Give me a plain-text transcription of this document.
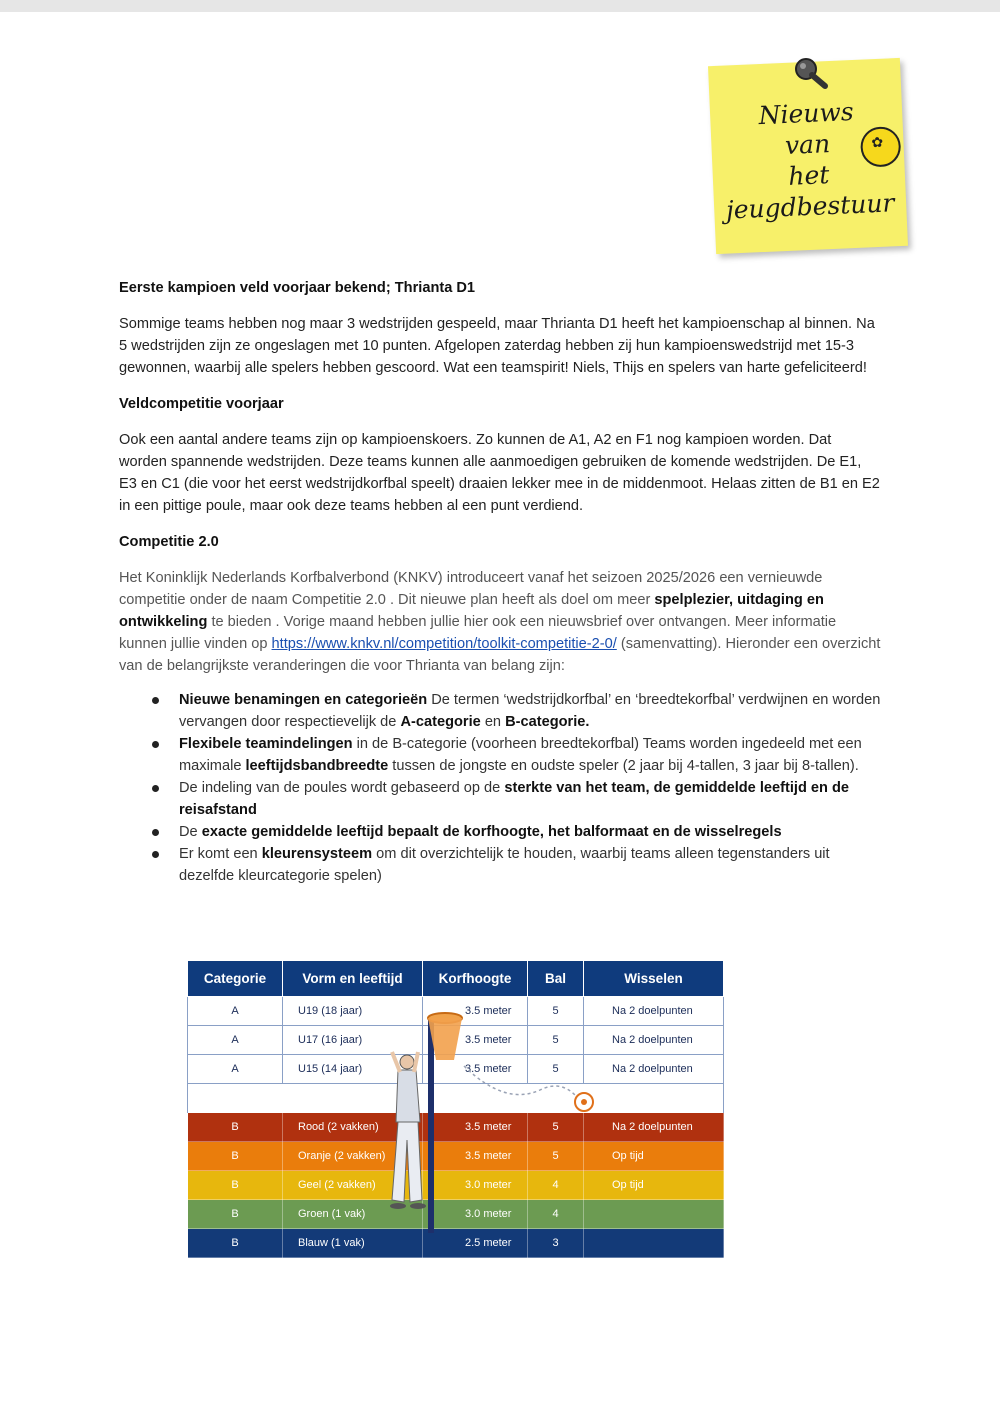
Nieuws
van
het
jeugdbestuur
✿
Eerste kampioen veld voorjaar bekend; Thrianta D1

Sommige teams hebben nog maar 3 wedstrijden gespeeld, maar Thrianta D1 heeft het kampioenschap al binnen. Na 5 wedstrijden zijn ze ongeslagen met 10 punten. Afgelopen zaterdag hebben zij hun kampioenswedstrijd met 15-3 gewonnen, waarbij alle spelers hebben gescoord. Wat een teamspirit! Niels, Thijs en spelers van harte gefeliciteerd!

Veldcompetitie voorjaar

Ook een aantal andere teams zijn op kampioenskoers. Zo kunnen de A1, A2 en F1 nog kampioen worden. Dat worden spannende wedstrijden. Deze teams kunnen alle aanmoedigen gebruiken de komende wedstrijden. De E1, E3 en C1 (die voor het eerst wedstrijdkorfbal speelt) draaien lekker mee in de middenmoot. Helaas zitten de B1 en E2 in een pittige poule, maar ook deze teams hebben al een punt verdiend.

Competitie 2.0

Het Koninklijk Nederlands Korfbalverbond (KNKV) introduceert vanaf het seizoen 2025/2026 een vernieuwde competitie onder de naam Competitie 2.0 . Dit nieuwe plan heeft als doel om meer spelplezier, uitdaging en ontwikkeling te bieden . Vorige maand hebben jullie hier ook een nieuwsbrief over ontvangen. Meer informatie kunnen jullie vinden op https://www.knkv.nl/competition/toolkit-competitie-2-0/ (samenvatting). Hieronder een overzicht van de belangrijkste veranderingen die voor Thrianta van belang zijn:

Nieuwe benamingen en categorieën De termen ‘wedstrijdkorfbal’ en ‘breedtekorfbal’ verdwijnen en worden vervangen door respectievelijk de A-categorie en B-categorie.
Flexibele teamindelingen in de B-categorie (voorheen breedtekorfbal) Teams worden ingedeeld met een maximale leeftijdsbandbreedte tussen de jongste en oudste speler (2 jaar bij 4-tallen, 3 jaar bij 8-tallen).
De indeling van de poules wordt gebaseerd op de sterkte van het team, de gemiddelde leeftijd en de reisafstand
De exacte gemiddelde leeftijd bepaalt de korfhoogte, het balformaat en de wisselregels
Er komt een kleurensysteem om dit overzichtelijk te houden, waarbij teams alleen tegenstanders uit dezelfde kleurcategorie spelen)
Categorie	Vorm en leeftijd	Korfhoogte	Bal	Wisselen
A	U19 (18 jaar)	3.5 meter	5	Na 2 doelpunten
A	U17 (16 jaar)	3.5 meter	5	Na 2 doelpunten
A	U15 (14 jaar)	3.5 meter	5	Na 2 doelpunten

B	Rood (2 vakken)	3.5 meter	5	Na 2 doelpunten
B	Oranje (2 vakken)	3.5 meter	5	Op tijd
B	Geel (2 vakken)	3.0 meter	4	Op tijd
B	Groen (1 vak)	3.0 meter	4	
B	Blauw (1 vak)	2.5 meter	3	
